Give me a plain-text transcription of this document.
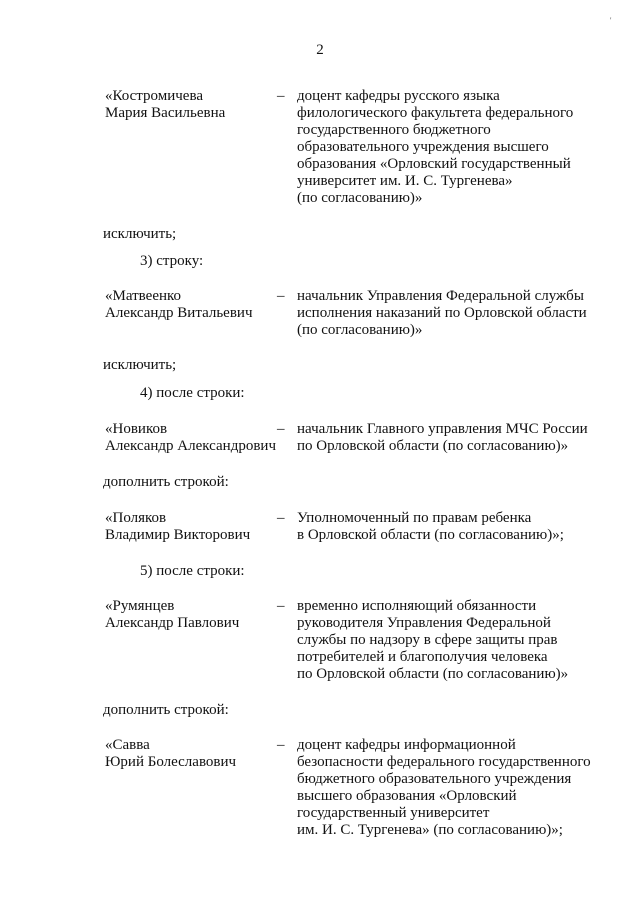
2
'
«Костромичева
Мария Васильевна
– доцент кафедры русского языка
филологического факультета федерального
государственного бюджетного
образовательного учреждения высшего
образования «Орловский государственный
университет им. И. С. Тургенева»
(по согласованию)»
исключить;
3) строку:
«Матвеенко
Александр Витальевич
– начальник Управления Федеральной службы
исполнения наказаний по Орловской области
(по согласованию)»
исключить;
4) после строки:
«Новиков
Александр Александрович
– начальник Главного управления МЧС России
по Орловской области (по согласованию)»
дополнить строкой:
«Поляков
Владимир Викторович
– Уполномоченный по правам ребенка
в Орловской области (по согласованию)»;
5) после строки:
«Румянцев
Александр Павлович
– временно исполняющий обязанности
руководителя Управления Федеральной
службы по надзору в сфере защиты прав
потребителей и благополучия человека
по Орловской области (по согласованию)»
дополнить строкой:
«Савва
Юрий Болеславович
– доцент кафедры информационной
безопасности федерального государственного
бюджетного образовательного учреждения
высшего образования «Орловский
государственный университет
им. И. С. Тургенева» (по согласованию)»;
